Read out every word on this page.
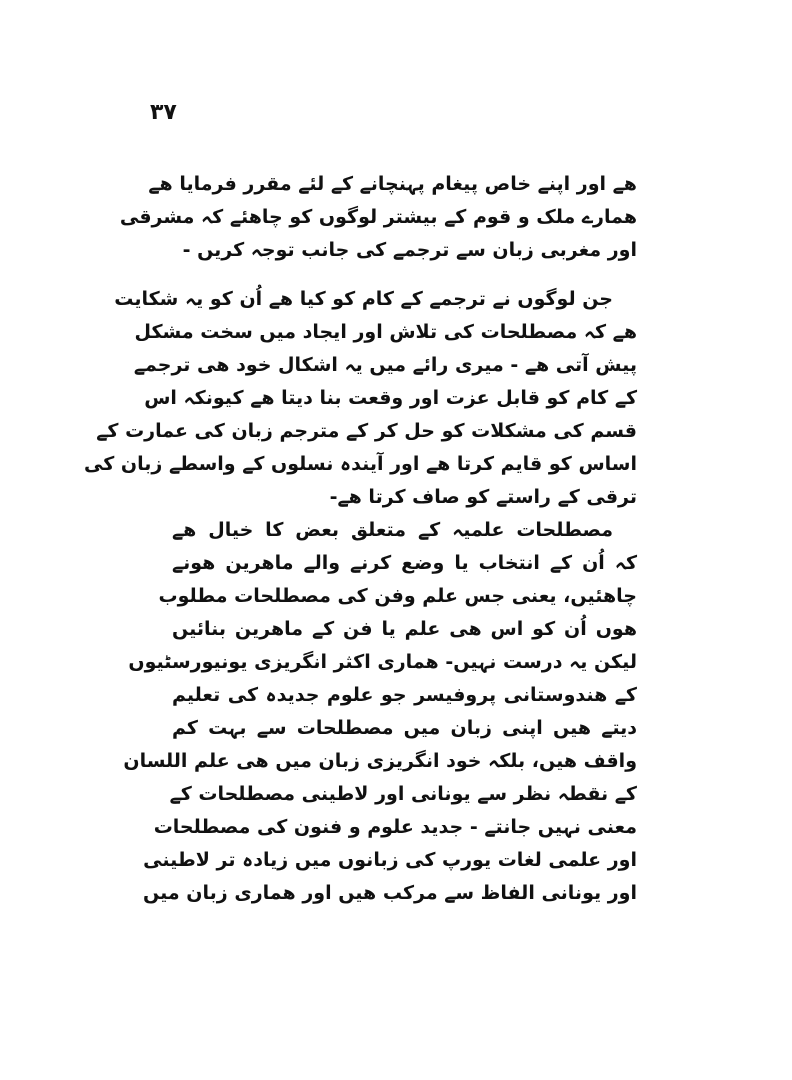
٣٧
ھے اور اپنے خاص پیغام پہنچانے کے لئے مقرر فرمایا ھے
ھمارے ملک و قوم کے بیشتر لوگوں کو چاھئے کہ مشرقی
اور مغربی زبان سے ترجمے کی جانب توجہ کریں -
جن لوگوں نے ترجمے کے کام کو کیا ھے اُن کو یہ شکایت
ھے کہ مصطلحات کی تلاش اور ایجاد میں سخت مشکل
پیش آتی ھے - میری رائے میں یہ اشکال خود ھی ترجمے
کے کام کو قابل عزت اور وقعت بنا دیتا ھے کیونکہ اس
قسم کی مشکلات کو حل کر کے مترجم زبان کی عمارت کے
اساس کو قایم کرتا ھے اور آیندہ نسلوں کے واسطے زبان کی
ترقی کے راستے کو صاف کرتا ھے-
مصطلحات علمیہ کے متعلق بعض کا خیال ھے
کہ اُن کے انتخاب یا وضع کرنے والے ماھرین ھونے
چاھئیں، یعنی جس علم وفن کی مصطلحات مطلوب
ھوں اُن کو اس ھی علم یا فن کے ماھرین بنائیں
لیکن یہ درست نہیں- ھماری اکثر انگریزی یونیورسٹیوں
کے ھندوستانی پروفیسر جو علوم جدیدہ کی تعلیم
دیتے ھیں اپنی زبان میں مصطلحات سے بہت کم
واقف ھیں، بلکہ خود انگریزی زبان میں ھی علم اللسان
کے نقطہ نظر سے یونانی اور لاطینی مصطلحات کے
معنی نہیں جانتے - جدید علوم و فنون کی مصطلحات
اور علمی لغات یورپ کی زبانوں میں زیادہ تر لاطینی
اور یونانی الفاظ سے مرکب ھیں اور ھماری زبان میں
